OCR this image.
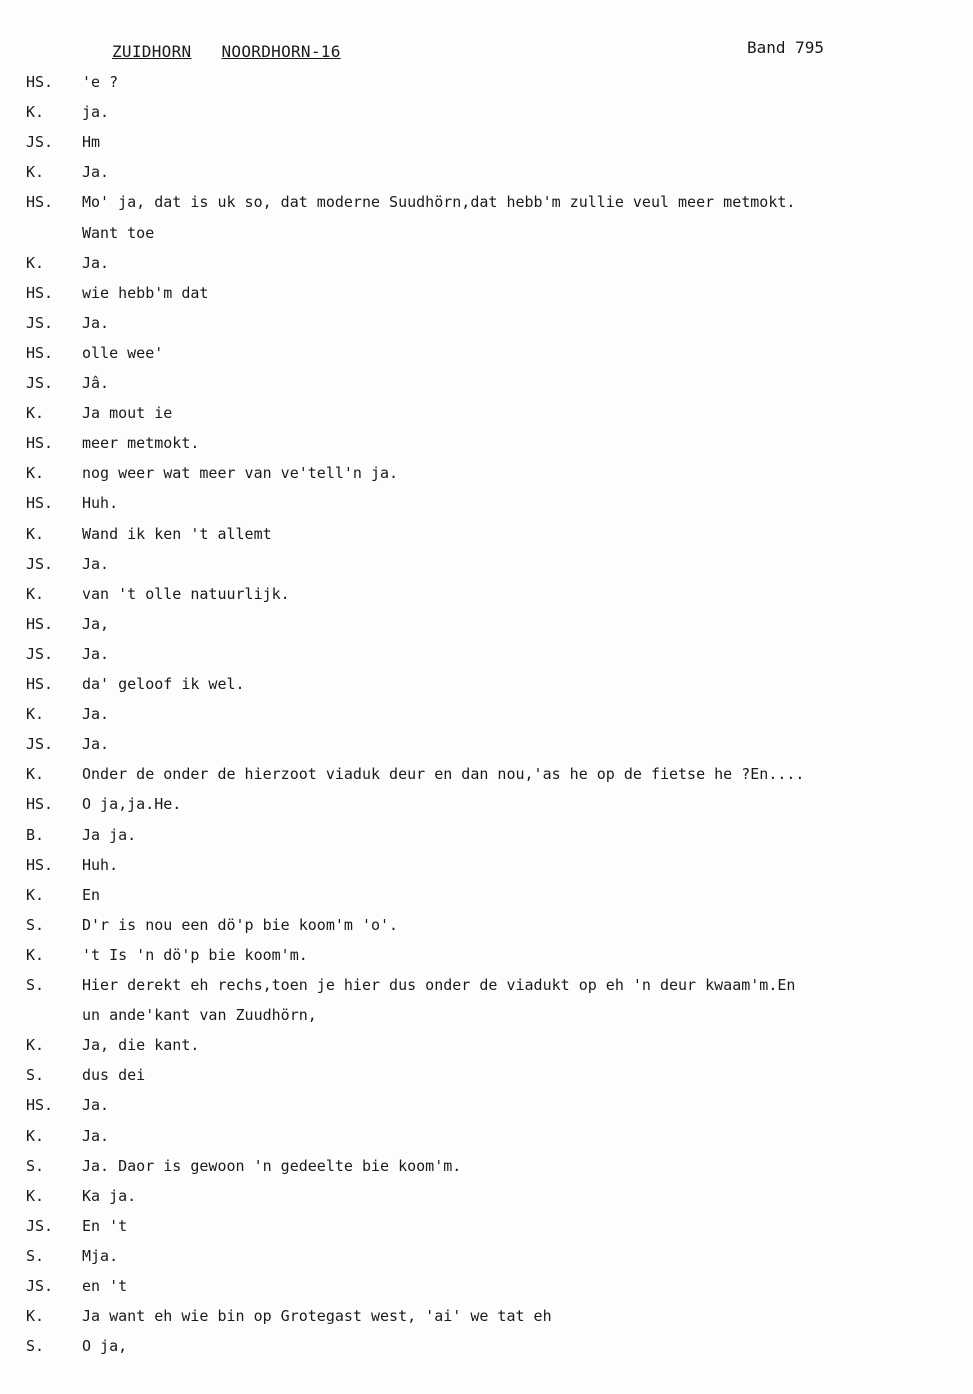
ZUIDHORN NOORDHORN-16	Band 795
HS.	'e ?
K.	ja.
JS.	Hm
K.	Ja.
HS.	Mo' ja, dat is uk so, dat moderne Suudhörn,dat hebb'm zullie veul meer metmokt.
Want toe
K.	Ja.
HS.	wie hebb'm dat
JS.	Ja.
HS.	olle wee'
JS.	Jâ.
K.	Ja mout ie
HS.	meer metmokt.
K.	nog weer wat meer van ve'tell'n ja.
HS.	Huh.
K.	Wand ik ken 't allemt
JS.	Ja.
K.	van 't olle natuurlijk.
HS.	Ja,
JS.	Ja.
HS.	da' geloof ik wel.
K.	Ja.
JS.	Ja.
K.	Onder de onder de hierzoot viaduk deur en dan nou,'as he op de fietse he ?En....
HS.	O ja,ja.He.
B.	Ja ja.
HS.	Huh.
K.	En
S.	D'r is nou een dö'p bie koom'm 'o'.
K.	't Is 'n dö'p bie koom'm.
S.	Hier derekt eh rechs,toen je hier dus onder de viadukt op eh 'n deur kwaam'm.En
un ande'kant van Zuudhörn,
K.	Ja, die kant.
S.	dus dei
HS.	Ja.
K.	Ja.
S.	Ja. Daor is gewoon 'n gedeelte bie koom'm.
K.	Ka ja.
JS.	En 't
S.	Mja.
JS.	en 't
K.	Ja want eh wie bin op Grotegast west, 'ai' we tat eh
S.	O ja,
